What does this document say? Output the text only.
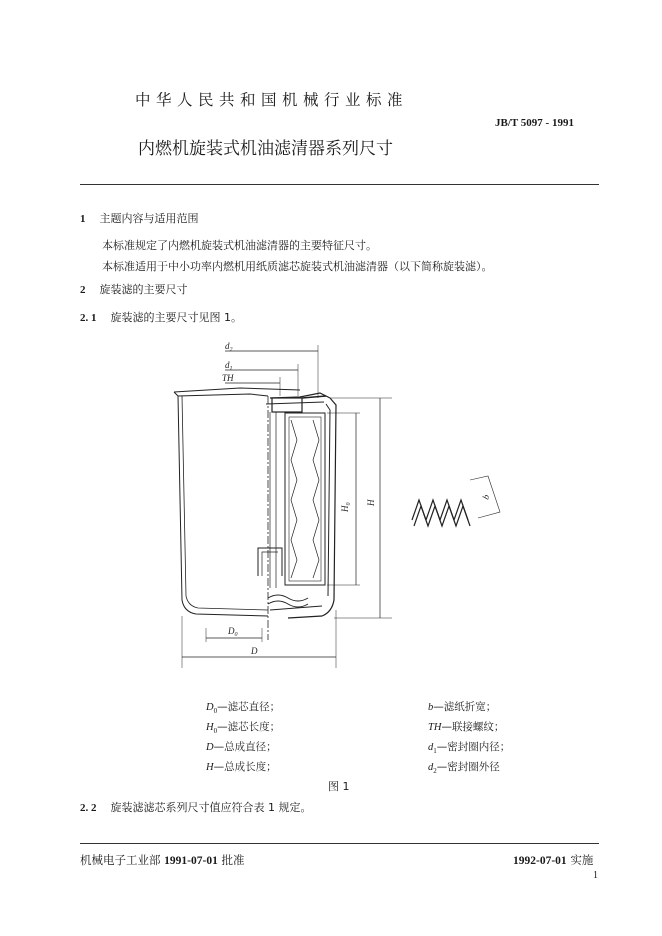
中华人民共和国机械行业标准
JB/T 5097 - 1991
内燃机旋装式机油滤清器系列尺寸
1 主题内容与适用范围
本标准规定了内燃机旋装式机油滤清器的主要特征尺寸。
本标准适用于中小功率内燃机用纸质滤芯旋装式机油滤清器（以下简称旋装滤）。
2 旋装滤的主要尺寸
2. 1 旋装滤的主要尺寸见图 1。
$d_2$
$d_1$
TH
$H_0$ H
$D_0$
D
b
$D_0—$滤芯直径；	b—滤纸折宽；
$H_0—$滤芯长度；	TH—联接螺纹；
D—总成直径；	$d_1—$密封圈内径；
H—总成长度；	$d_2—$密封圈外径
图 1
2. 2 旋装滤滤芯系列尺寸值应符合表 1 规定。
机械电子工业部 1991-07-01 批准	1992-07-01 实施
1
